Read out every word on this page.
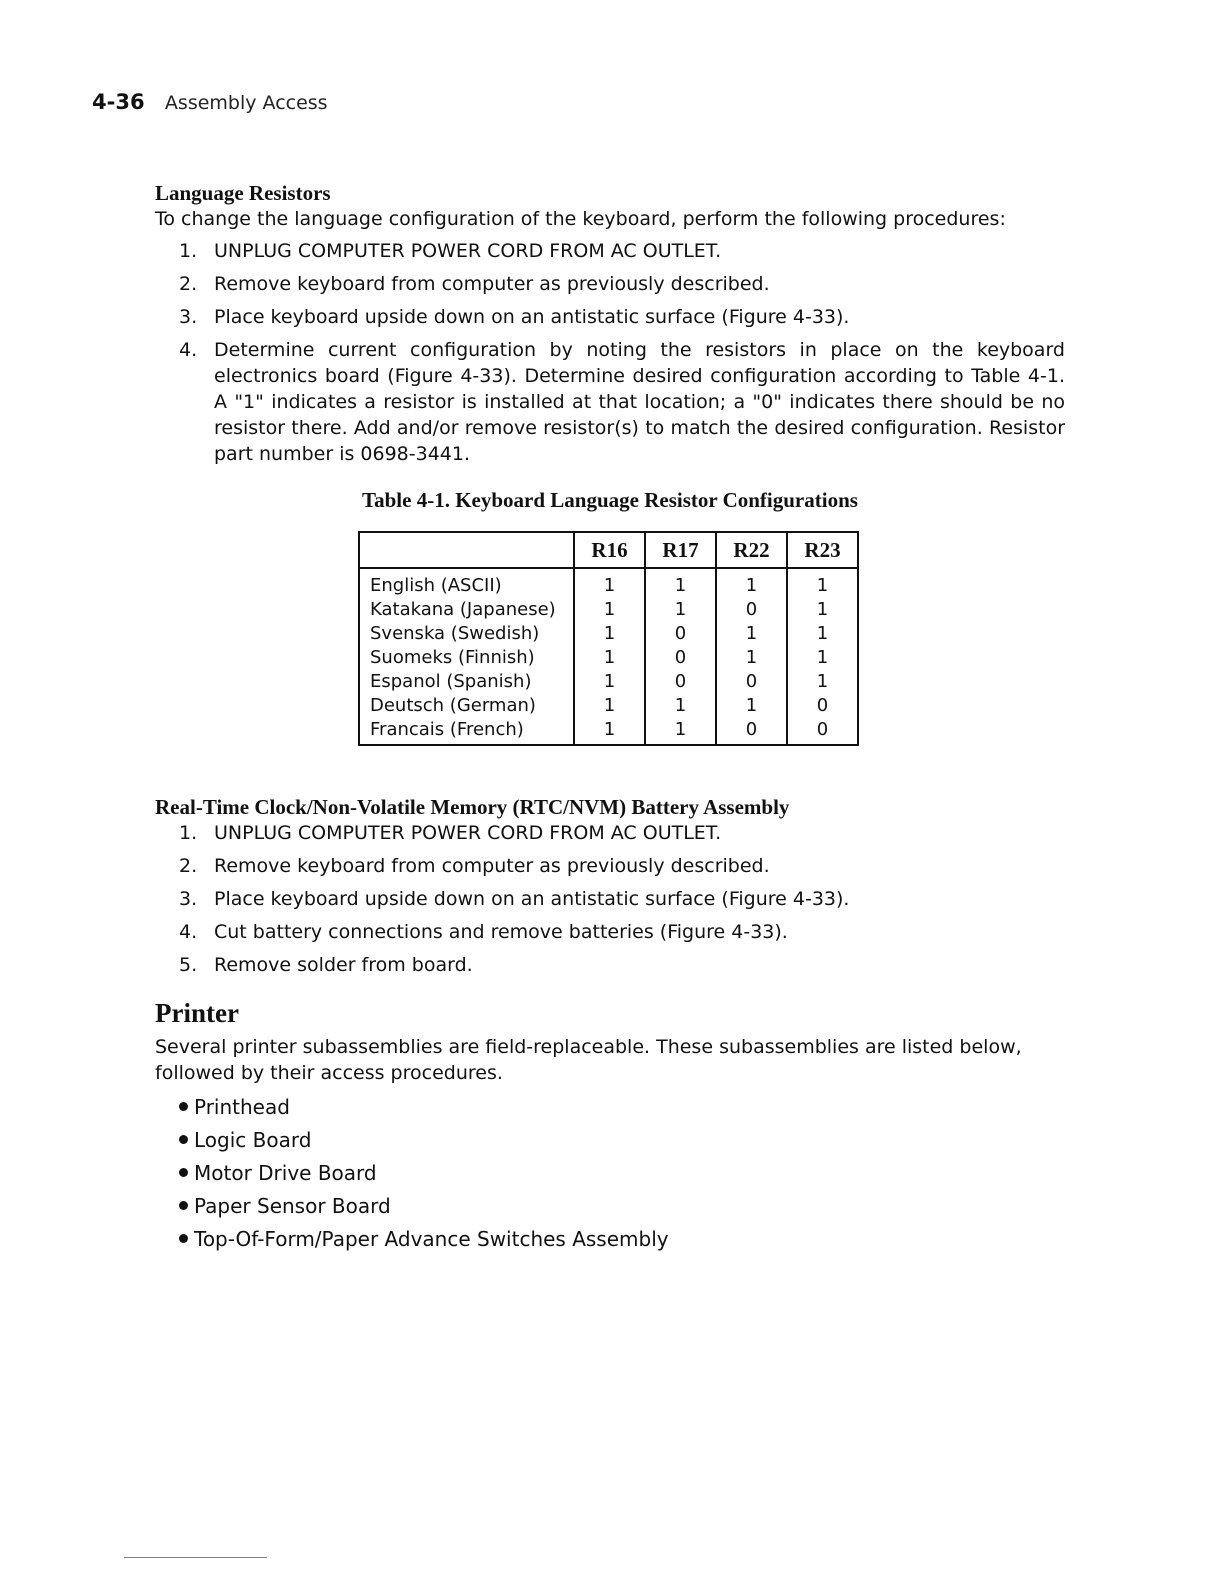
4-36 Assembly Access
Language Resistors

To change the language configuration of the keyboard, perform the following procedures:

1. UNPLUG COMPUTER POWER CORD FROM AC OUTLET.
2. Remove keyboard from computer as previously described.
3. Place keyboard upside down on an antistatic surface (Figure 4-33).
4. Determine current configuration by noting the resistors in place on the keyboard electronics board (Figure 4-33). Determine desired configuration according to Table 4-1. A "1" indicates a resistor is installed at that location; a "0" indicates there should be no resistor there. Add and/or remove resistor(s) to match the desired configuration. Resistor part number is 0698-3441.
Table 4-1. Keyboard Language Resistor Configurations
	R16	R17	R22	R23
English (ASCII)	1	1	1	1
Katakana (Japanese)	1	1	0	1
Svenska (Swedish)	1	0	1	1
Suomeks (Finnish)	1	0	1	1
Espanol (Spanish)	1	0	0	1
Deutsch (German)	1	1	1	0
Francais (French)	1	1	0	0
Real-Time Clock/Non-Volatile Memory (RTC/NVM) Battery Assembly
1. UNPLUG COMPUTER POWER CORD FROM AC OUTLET.
2. Remove keyboard from computer as previously described.
3. Place keyboard upside down on an antistatic surface (Figure 4-33).
4. Cut battery connections and remove batteries (Figure 4-33).
5. Remove solder from board.
Printer

Several printer subassemblies are field-replaceable. These subassemblies are listed below, followed by their access procedures.

Printhead
Logic Board
Motor Drive Board
Paper Sensor Board
Top-Of-Form/Paper Advance Switches Assembly
